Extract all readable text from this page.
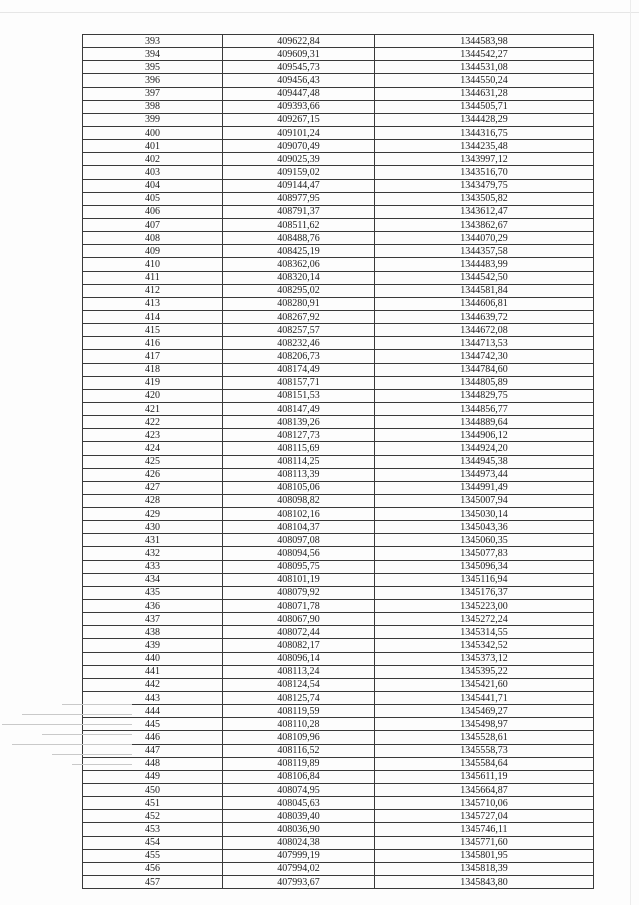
393	409622,84	1344583,98
394	409609,31	1344542,27
395	409545,73	1344531,08
396	409456,43	1344550,24
397	409447,48	1344631,28
398	409393,66	1344505,71
399	409267,15	1344428,29
400	409101,24	1344316,75
401	409070,49	1344235,48
402	409025,39	1343997,12
403	409159,02	1343516,70
404	409144,47	1343479,75
405	408977,95	1343505,82
406	408791,37	1343612,47
407	408511,62	1343862,67
408	408488,76	1344070,29
409	408425,19	1344357,58
410	408362,06	1344483,99
411	408320,14	1344542,50
412	408295,02	1344581,84
413	408280,91	1344606,81
414	408267,92	1344639,72
415	408257,57	1344672,08
416	408232,46	1344713,53
417	408206,73	1344742,30
418	408174,49	1344784,60
419	408157,71	1344805,89
420	408151,53	1344829,75
421	408147,49	1344856,77
422	408139,26	1344889,64
423	408127,73	1344906,12
424	408115,69	1344924,20
425	408114,25	1344945,38
426	408113,39	1344973,44
427	408105,06	1344991,49
428	408098,82	1345007,94
429	408102,16	1345030,14
430	408104,37	1345043,36
431	408097,08	1345060,35
432	408094,56	1345077,83
433	408095,75	1345096,34
434	408101,19	1345116,94
435	408079,92	1345176,37
436	408071,78	1345223,00
437	408067,90	1345272,24
438	408072,44	1345314,55
439	408082,17	1345342,52
440	408096,14	1345373,12
441	408113,24	1345395,22
442	408124,54	1345421,60
443	408125,74	1345441,71
444	408119,59	1345469,27
445	408110,28	1345498,97
446	408109,96	1345528,61
447	408116,52	1345558,73
448	408119,89	1345584,64
449	408106,84	1345611,19
450	408074,95	1345664,87
451	408045,63	1345710,06
452	408039,40	1345727,04
453	408036,90	1345746,11
454	408024,38	1345771,60
455	407999,19	1345801,95
456	407994,02	1345818,39
457	407993,67	1345843,80
